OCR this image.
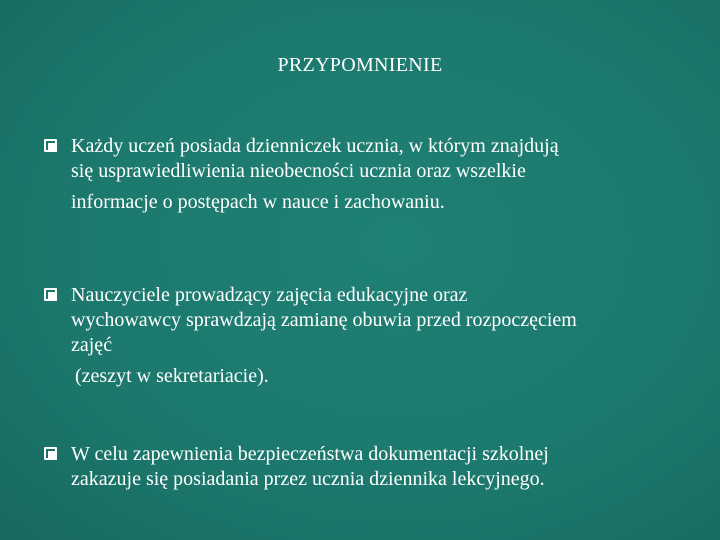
PRZYPOMNIENIE
Każdy uczeń posiada dzienniczek ucznia, w którym znajdują
się usprawiedliwienia nieobecności ucznia oraz wszelkie
informacje o postępach w nauce i zachowaniu.
Nauczyciele prowadzący zajęcia edukacyjne oraz
wychowawcy sprawdzają zamianę obuwia przed rozpoczęciem
zajęć
(zeszyt w sekretariacie).
W celu zapewnienia bezpieczeństwa dokumentacji szkolnej
zakazuje się posiadania przez ucznia dziennika lekcyjnego.
